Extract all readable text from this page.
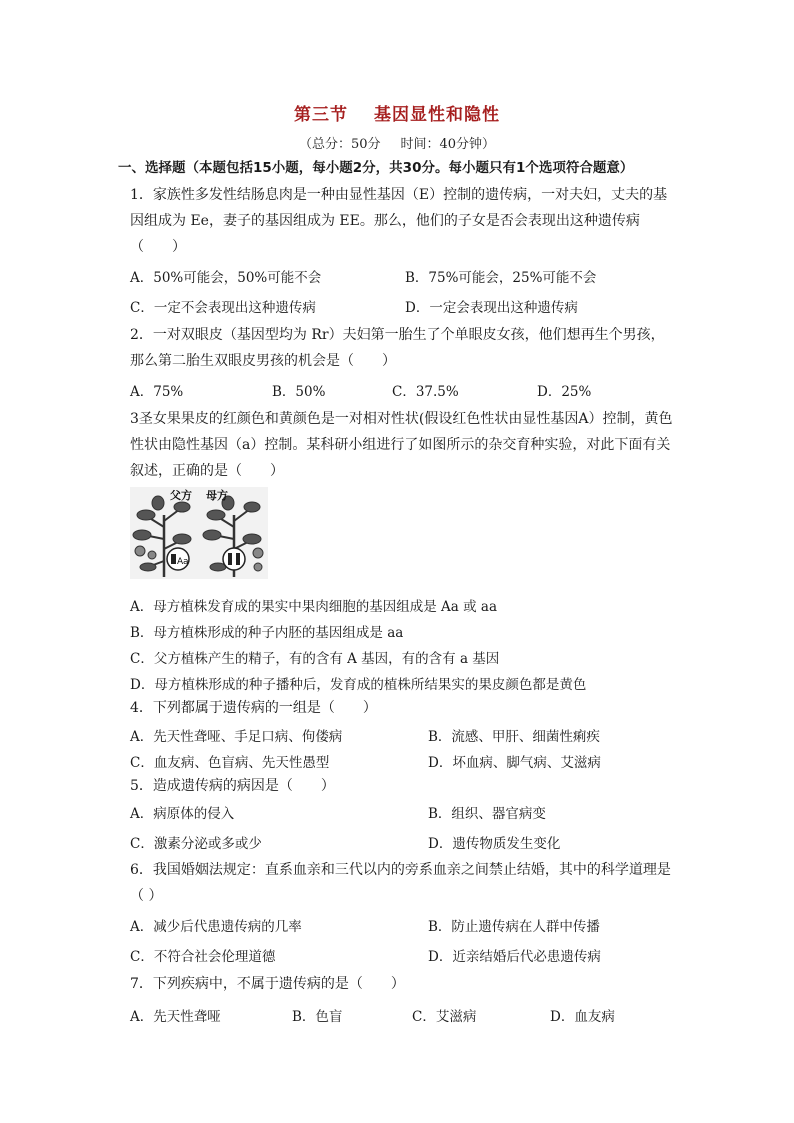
第三节 基因显性和隐性
（总分：50分 时间：40分钟）
一、选择题（本题包括15小题，每小题2分，共30分。每小题只有1个选项符合题意）
1．家族性多发性结肠息肉是一种由显性基因（E）控制的遗传病，一对夫妇，丈夫的基因组成为 Ee，妻子的基因组成为 EE。那么，他们的子女是否会表现出这种遗传病（　　）
A．50%可能会，50%可能不会	B．75%可能会，25%可能不会
C．一定不会表现出这种遗传病	D．一定会表现出这种遗传病
2．一对双眼皮（基因型均为 Rr）夫妇第一胎生了个单眼皮女孩，他们想再生个男孩，那么第二胎生双眼皮男孩的机会是（　　）
A．75%	B．50%	C．37.5%	D．25%
3圣女果果皮的红颜色和黄颜色是一对相对性状(假设红色性状由显性基因A）控制，黄色性状由隐性基因（a）控制。某科研小组进行了如图所示的杂交育种实验，对此下面有关叙述，正确的是（　　）
父方
A a
母方
A．母方植株发育成的果实中果肉细胞的基因组成是 Aa 或 aa
B．母方植株形成的种子内胚的基因组成是 aa
C．父方植株产生的精子，有的含有 A 基因，有的含有 a 基因
D．母方植株形成的种子播种后，发育成的植株所结果实的果皮颜色都是黄色
4．下列都属于遗传病的一组是（　　）
A．先天性聋哑、手足口病、佝偻病	B．流感、甲肝、细菌性痢疾
C．血友病、色盲病、先天性愚型	D．坏血病、脚气病、艾滋病
5．造成遗传病的病因是（　　）
A．病原体的侵入	B．组织、器官病变
C．激素分泌或多或少	D．遗传物质发生变化
6．我国婚姻法规定：直系血亲和三代以内的旁系血亲之间禁止结婚，其中的科学道理是（ ）
A．减少后代患遗传病的几率	B．防止遗传病在人群中传播
C．不符合社会伦理道德	D．近亲结婚后代必患遗传病
7．下列疾病中，不属于遗传病的是（　　）
A．先天性聋哑	B．色盲	C．艾滋病	D．血友病
